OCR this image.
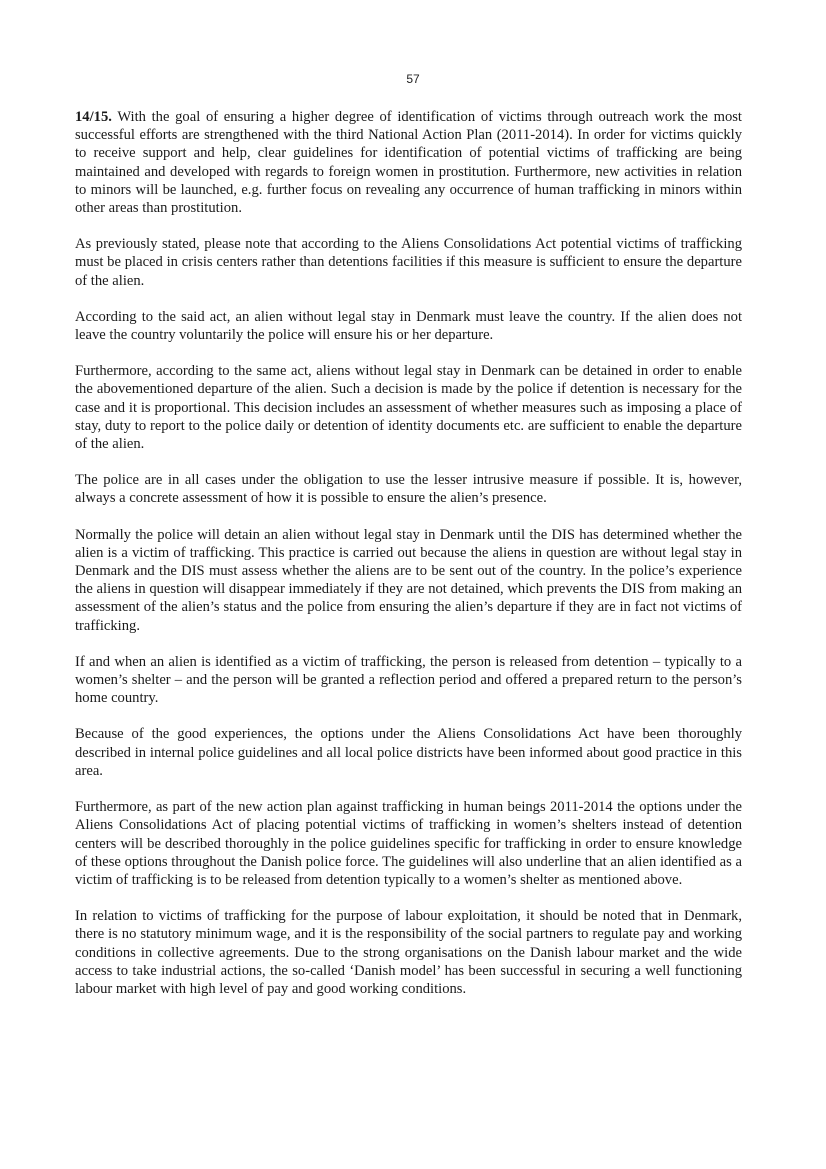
57

14/15. With the goal of ensuring a higher degree of identification of victims through outreach work the most successful efforts are strengthened with the third National Action Plan (2011-2014). In order for victims quickly to receive support and help, clear guidelines for identification of potential victims of trafficking are being maintained and developed with regards to foreign women in prostitution. Furthermore, new activities in relation to minors will be launched, e.g. further focus on revealing any occurrence of human trafficking in minors within other areas than prostitution.

As previously stated, please note that according to the Aliens Consolidations Act potential victims of trafficking must be placed in crisis centers rather than detentions facilities if this measure is sufficient to ensure the departure of the alien.

According to the said act, an alien without legal stay in Denmark must leave the country. If the alien does not leave the country voluntarily the police will ensure his or her departure.

Furthermore, according to the same act, aliens without legal stay in Denmark can be detained in order to enable the abovementioned departure of the alien. Such a decision is made by the police if detention is necessary for the case and it is proportional. This decision includes an assessment of whether measures such as imposing a place of stay, duty to report to the police daily or detention of identity documents etc. are sufficient to enable the departure of the alien.

The police are in all cases under the obligation to use the lesser intrusive measure if possible. It is, however, always a concrete assessment of how it is possible to ensure the alien’s presence.

Normally the police will detain an alien without legal stay in Denmark until the DIS has determined whether the alien is a victim of trafficking. This practice is carried out because the aliens in question are without legal stay in Denmark and the DIS must assess whether the aliens are to be sent out of the country. In the police’s experience the aliens in question will disappear immediately if they are not detained, which prevents the DIS from making an assessment of the alien’s status and the police from ensuring the alien’s departure if they are in fact not victims of trafficking.

If and when an alien is identified as a victim of trafficking, the person is released from detention – typically to a women’s shelter – and the person will be granted a reflection period and offered a prepared return to the person’s home country.

Because of the good experiences, the options under the Aliens Consolidations Act have been thoroughly described in internal police guidelines and all local police districts have been informed about good practice in this area.

Furthermore, as part of the new action plan against trafficking in human beings 2011-2014 the options under the Aliens Consolidations Act of placing potential victims of trafficking in women’s shelters instead of detention centers will be described thoroughly in the police guidelines specific for trafficking in order to ensure knowledge of these options throughout the Danish police force. The guidelines will also underline that an alien identified as a victim of trafficking is to be released from detention typically to a women’s shelter as mentioned above.

In relation to victims of trafficking for the purpose of labour exploitation, it should be noted that in Denmark, there is no statutory minimum wage, and it is the responsibility of the social partners to regulate pay and working conditions in collective agreements. Due to the strong organisations on the Danish labour market and the wide access to take industrial actions, the so-called ‘Danish model’ has been successful in securing a well functioning labour market with high level of pay and good working conditions.
